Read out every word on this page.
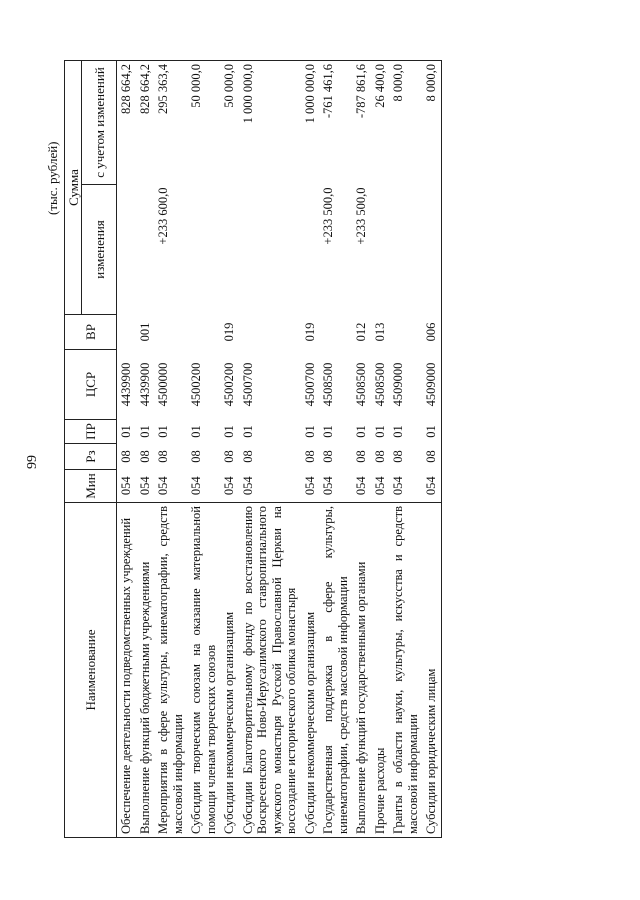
99
(тыс. рублей)
Наименование	Мин	Рз	ПР	ЦСР	ВР	Сумма	
						изменения	с учетом изменений
Обеспечение деятельности подведомственных учреждений	054	08	01	4439900			828 664,2
Выполнение функций бюджетными учреждениями	054	08	01	4439900	001		828 664,2
Мероприятия в сфере культуры, кинематографии, средств массовой информации	054	08	01	4500000		+233 600,0	295 363,4
Субсидии творческим союзам на оказание материальной помощи членам творческих союзов	054	08	01	4500200			50 000,0
Субсидии некоммерческим организациям	054	08	01	4500200	019		50 000,0
Субсидии Благотворительному фонду по восстановлению Воскресенского Ново-Иерусалимского ставропигиального мужского монастыря Русской Православной Церкви на воссоздание исторического облика монастыря	054	08	01	4500700			1 000 000,0
Субсидии некоммерческим организациям	054	08	01	4500700	019		1 000 000,0
Государственная поддержка в сфере культуры, кинематографии, средств массовой информации	054	08	01	4508500		+233 500,0	-761 461,6
Выполнение функций государственными органами	054	08	01	4508500	012	+233 500,0	-787 861,6
Прочие расходы	054	08	01	4508500	013		26 400,0
Гранты в области науки, культуры, искусства и средств массовой информации	054	08	01	4509000			8 000,0
Субсидии юридическим лицам	054	08	01	4509000	006		8 000,0
